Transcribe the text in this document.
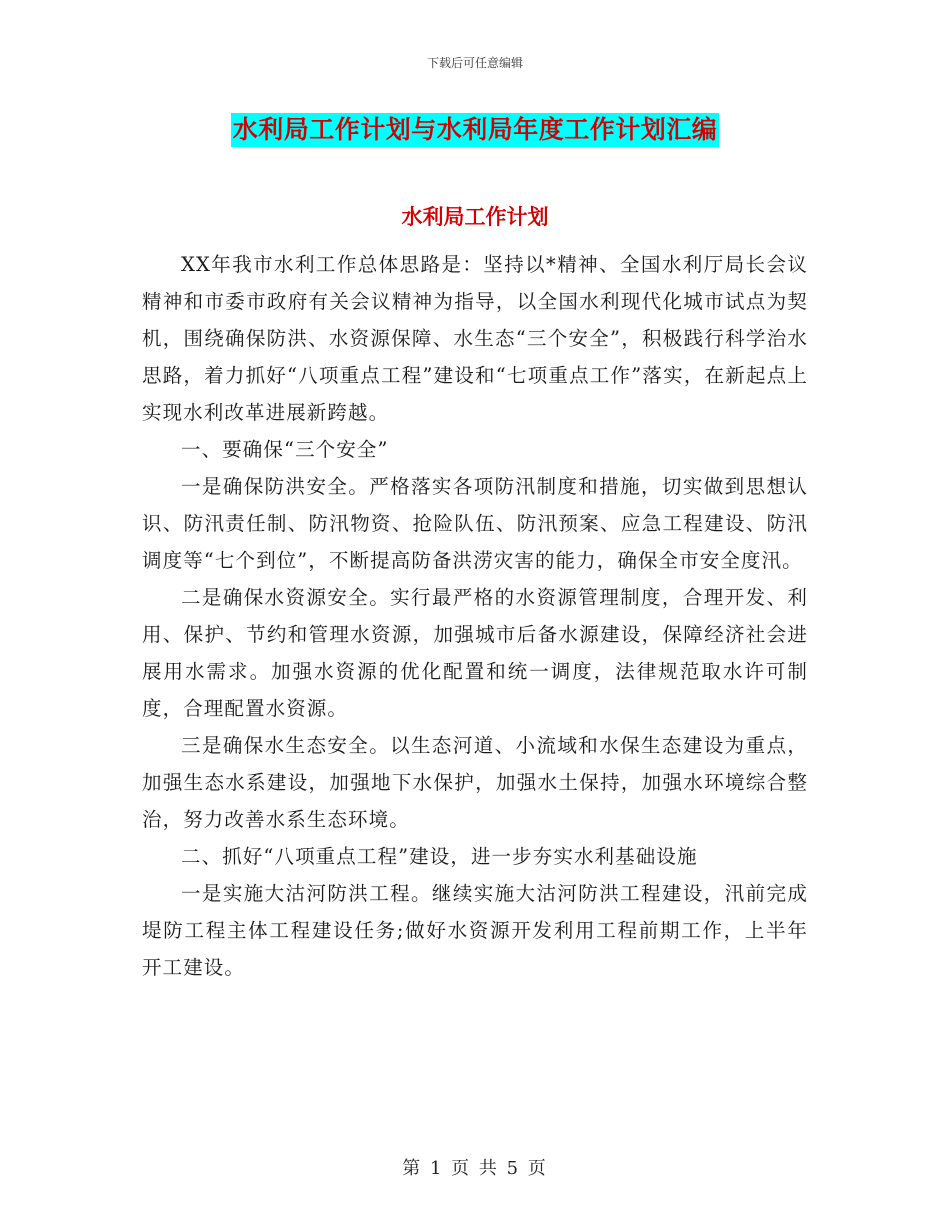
下载后可任意编辑
水利局工作计划与水利局年度工作计划汇编
水利局工作计划

XX年我市水利工作总体思路是：坚持以*精神、全国水利厅局长会议精神和市委市政府有关会议精神为指导，以全国水利现代化城市试点为契机，围绕确保防洪、水资源保障、水生态“三个安全”，积极践行科学治水思路，着力抓好“八项重点工程”建设和“七项重点工作”落实，在新起点上实现水利改革进展新跨越。

一、要确保“三个安全”

一是确保防洪安全。严格落实各项防汛制度和措施，切实做到思想认识、防汛责任制、防汛物资、抢险队伍、防汛预案、应急工程建设、防汛调度等“七个到位”，不断提高防备洪涝灾害的能力，确保全市安全度汛。

二是确保水资源安全。实行最严格的水资源管理制度，合理开发、利用、保护、节约和管理水资源，加强城市后备水源建设，保障经济社会进展用水需求。加强水资源的优化配置和统一调度，法律规范取水许可制度，合理配置水资源。

三是确保水生态安全。以生态河道、小流域和水保生态建设为重点，加强生态水系建设，加强地下水保护，加强水土保持，加强水环境综合整治，努力改善水系生态环境。

二、抓好“八项重点工程”建设，进一步夯实水利基础设施

一是实施大沽河防洪工程。继续实施大沽河防洪工程建设，汛前完成堤防工程主体工程建设任务;做好水资源开发利用工程前期工作，上半年开工建设。

第 1 页 共 5 页
